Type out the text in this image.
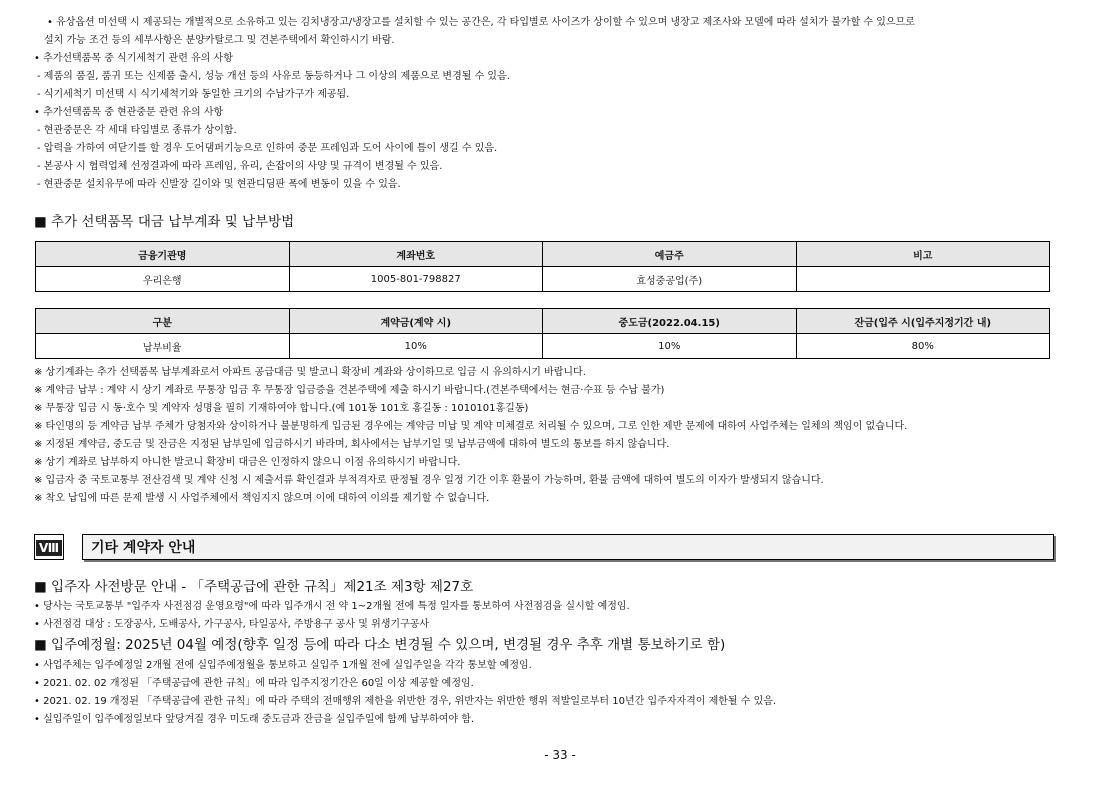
• 유상옵션 미선택 시 제공되는 개별적으로 소유하고 있는 김치냉장고/냉장고를 설치할 수 있는 공간은, 각 타입별로 사이즈가 상이할 수 있으며 냉장고 제조사와 모델에 따라 설치가 불가할 수 있으므로
설치 가능 조건 등의 세부사항은 분양카탈로그 및 견본주택에서 확인하시기 바람.
• 추가선택품목 중 식기세척기 관련 유의 사항
- 제품의 품질, 품귀 또는 신제품 출시, 성능 개선 등의 사유로 동등하거나 그 이상의 제품으로 변경될 수 있음.
- 식기세척기 미선택 시 식기세척기와 동일한 크기의 수납가구가 제공됨.
• 추가선택품목 중 현관중문 관련 유의 사항
- 현관중문은 각 세대 타입별로 종류가 상이함.
- 압력을 가하여 여닫기를 할 경우 도어댐퍼기능으로 인하여 중문 프레임과 도어 사이에 틈이 생길 수 있음.
- 본공사 시 협력업체 선정결과에 따라 프레임, 유리, 손잡이의 사양 및 규격이 변경될 수 있음.
- 현관중문 설치유무에 따라 신발장 길이와 및 현관디딤판 폭에 변동이 있을 수 있음.
■ 추가 선택품목 대금 납부계좌 및 납부방법
금융기관명	계좌번호	예금주	비고
우리은행	1005-801-798827	효성중공업(주)	
구분	계약금(계약 시)	중도금(2022.04.15)	잔금(입주 시(입주지정기간 내)
납부비율	10%	10%	80%
※ 상기계좌는 추가 선택품목 납부계좌로서 아파트 공급대금 및 발코니 확장비 계좌와 상이하므로 입금 시 유의하시기 바랍니다.
※ 계약금 납부 : 계약 시 상기 계좌로 무통장 입금 후 무통장 입금증을 견본주택에 제출 하시기 바랍니다.(견본주택에서는 현금·수표 등 수납 불가)
※ 무통장 입금 시 동·호수 및 계약자 성명을 필히 기재하여야 합니다.(예 101동 101호 홍길동 : 1010101홍길동)
※ 타인명의 등 계약금 납부 주체가 당첨자와 상이하거나 불분명하게 입금된 경우에는 계약금 미납 및 계약 미체결로 처리될 수 있으며, 그로 인한 제반 문제에 대하여 사업주체는 일체의 책임이 없습니다.
※ 지정된 계약금, 중도금 및 잔금은 지정된 납부일에 입금하시기 바라며, 회사에서는 납부기일 및 납부금액에 대하여 별도의 통보를 하지 않습니다.
※ 상기 계좌로 납부하지 아니한 발코니 확장비 대금은 인정하지 않으니 이점 유의하시기 바랍니다.
※ 입금자 중 국토교통부 전산검색 및 계약 신청 시 제출서류 확인결과 부적격자로 판정될 경우 일정 기간 이후 환불이 가능하며, 환불 금액에 대하여 별도의 이자가 발생되지 않습니다.
※ 착오 납입에 따른 문제 발생 시 사업주체에서 책임지지 않으며 이에 대하여 이의를 제기할 수 없습니다.
Ⅷ	기타 계약자 안내
■ 입주자 사전방문 안내 - 「주택공급에 관한 규칙」제21조 제3항 제27호
• 당사는 국토교통부 "입주자 사전점검 운영요령"에 따라 입주개시 전 약 1~2개월 전에 특정 일자를 통보하여 사전점검을 실시할 예정임.
• 사전점검 대상 : 도장공사, 도배공사, 가구공사, 타일공사, 주방용구 공사 및 위생기구공사
■ 입주예정월: 2025년 04월 예정(향후 일정 등에 따라 다소 변경될 수 있으며, 변경될 경우 추후 개별 통보하기로 함)
• 사업주체는 입주예정일 2개월 전에 실입주예정월을 통보하고 실입주 1개월 전에 실입주일을 각각 통보할 예정임.
• 2021. 02. 02 개정된 「주택공급에 관한 규칙」에 따라 입주지정기간은 60일 이상 제공할 예정임.
• 2021. 02. 19 개정된 「주택공급에 관한 규칙」에 따라 주택의 전매행위 제한을 위반한 경우, 위반자는 위반한 행위 적발일로부터 10년간 입주자자격이 제한될 수 있음.
• 실입주일이 입주예정일보다 앞당겨질 경우 미도래 중도금과 잔금을 실입주일에 함께 납부하여야 함.
- 33 -
